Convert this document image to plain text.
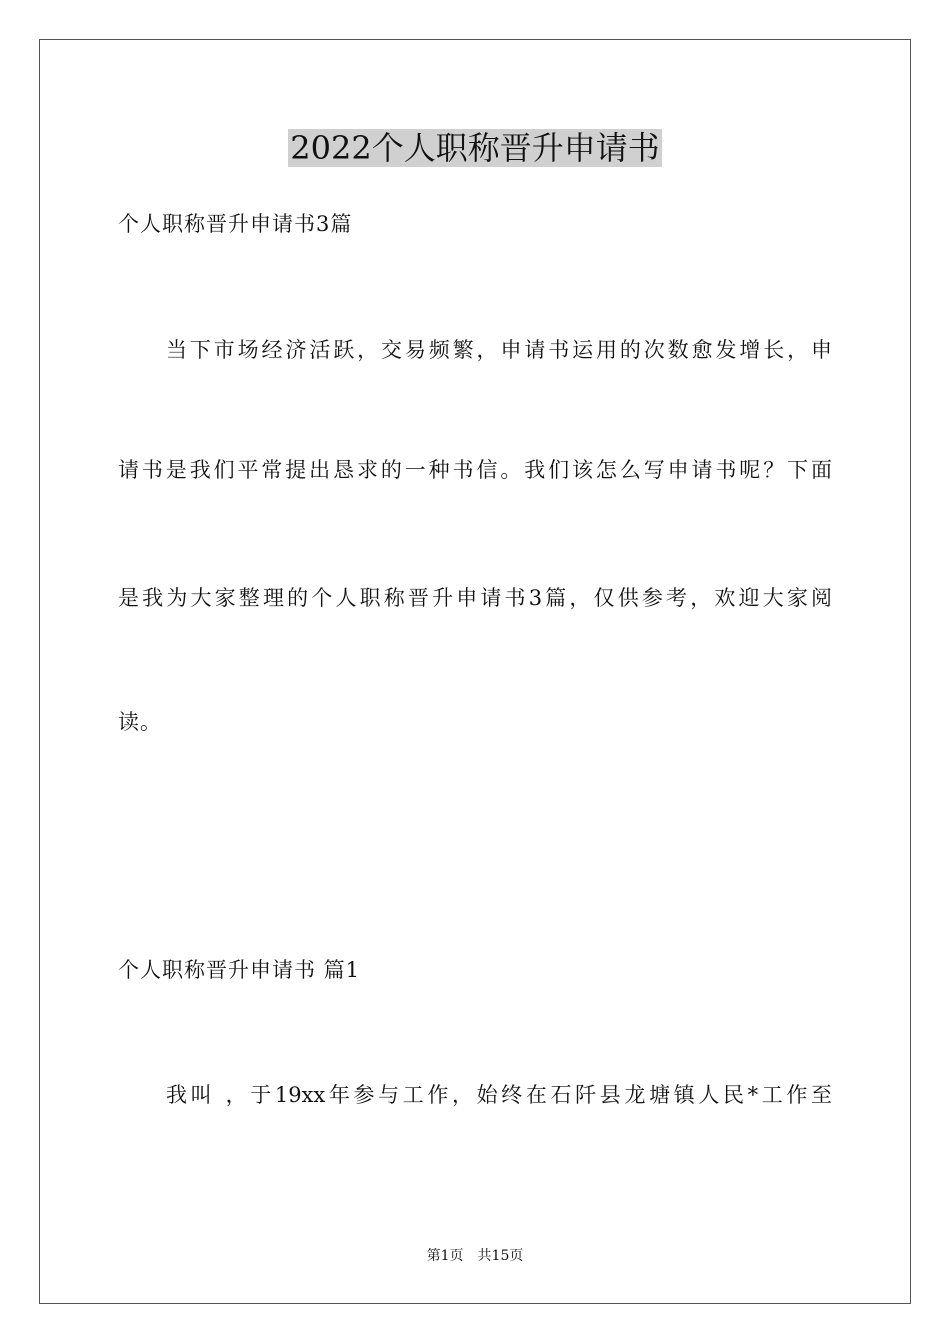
2022个人职称晋升申请书
个人职称晋升申请书3篇
当下市场经济活跃，交易频繁，申请书运用的次数愈发增长，申
请书是我们平常提出恳求的一种书信。我们该怎么写申请书呢？下面
是我为大家整理的个人职称晋升申请书3篇，仅供参考，欢迎大家阅
读。
个人职称晋升申请书 篇1
我叫 ，于19xx年参与工作，始终在石阡县龙塘镇人民*工作至
第1页 共15页
